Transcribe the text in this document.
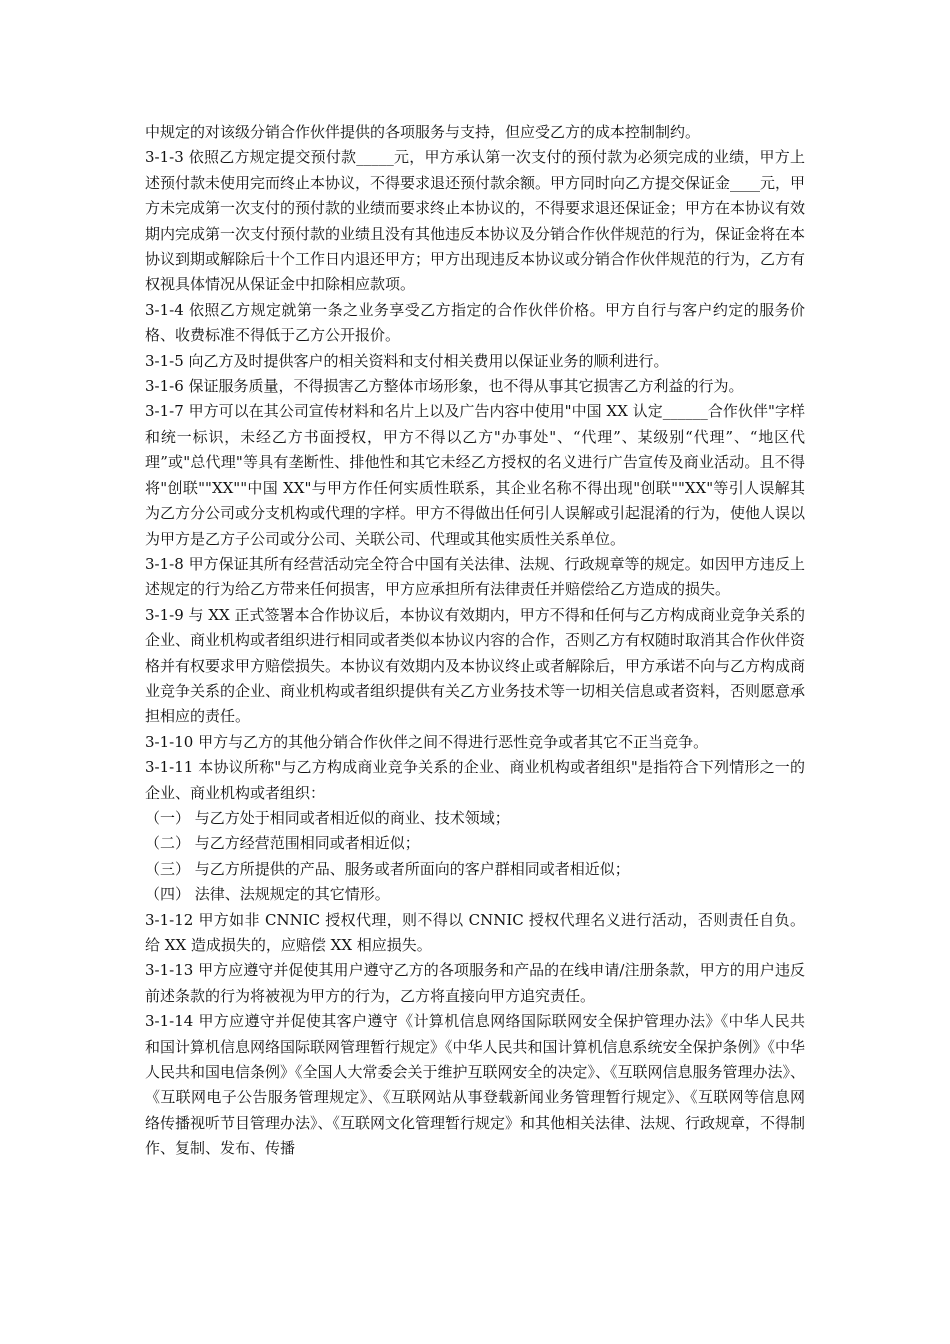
中规定的对该级分销合作伙伴提供的各项服务与支持，但应受乙方的成本控制制约。

3-1-3 依照乙方规定提交预付款_____元，甲方承认第一次支付的预付款为必须完成的业绩，甲方上述预付款未使用完而终止本协议，不得要求退还预付款余额。甲方同时向乙方提交保证金____元，甲方未完成第一次支付的预付款的业绩而要求终止本协议的，不得要求退还保证金；甲方在本协议有效期内完成第一次支付预付款的业绩且没有其他违反本协议及分销合作伙伴规范的行为，保证金将在本协议到期或解除后十个工作日内退还甲方；甲方出现违反本协议或分销合作伙伴规范的行为，乙方有权视具体情况从保证金中扣除相应款项。

3-1-4 依照乙方规定就第一条之业务享受乙方指定的合作伙伴价格。甲方自行与客户约定的服务价格、收费标准不得低于乙方公开报价。

3-1-5 向乙方及时提供客户的相关资料和支付相关费用以保证业务的顺利进行。

3-1-6 保证服务质量，不得损害乙方整体市场形象，也不得从事其它损害乙方利益的行为。

3-1-7 甲方可以在其公司宣传材料和名片上以及广告内容中使用"中国 XX 认定______合作伙伴"字样和统一标识，未经乙方书面授权，甲方不得以乙方"办事处"、“代理”、某级别“代理”、“地区代理”或"总代理"等具有垄断性、排他性和其它未经乙方授权的名义进行广告宣传及商业活动。且不得将"创联""XX""中国 XX"与甲方作任何实质性联系，其企业名称不得出现"创联""XX"等引人误解其为乙方分公司或分支机构或代理的字样。甲方不得做出任何引人误解或引起混淆的行为，使他人误以为甲方是乙方子公司或分公司、关联公司、代理或其他实质性关系单位。

3-1-8 甲方保证其所有经营活动完全符合中国有关法律、法规、行政规章等的规定。如因甲方违反上述规定的行为给乙方带来任何损害，甲方应承担所有法律责任并赔偿给乙方造成的损失。

3-1-9 与 XX 正式签署本合作协议后，本协议有效期内，甲方不得和任何与乙方构成商业竞争关系的企业、商业机构或者组织进行相同或者类似本协议内容的合作，否则乙方有权随时取消其合作伙伴资格并有权要求甲方赔偿损失。本协议有效期内及本协议终止或者解除后，甲方承诺不向与乙方构成商业竞争关系的企业、商业机构或者组织提供有关乙方业务技术等一切相关信息或者资料，否则愿意承担相应的责任。

3-1-10 甲方与乙方的其他分销合作伙伴之间不得进行恶性竞争或者其它不正当竞争。

3-1-11 本协议所称"与乙方构成商业竞争关系的企业、商业机构或者组织"是指符合下列情形之一的企业、商业机构或者组织：

（一） 与乙方处于相同或者相近似的商业、技术领域；

（二） 与乙方经营范围相同或者相近似；

（三） 与乙方所提供的产品、服务或者所面向的客户群相同或者相近似；

（四） 法律、法规规定的其它情形。

3-1-12 甲方如非 CNNIC 授权代理，则不得以 CNNIC 授权代理名义进行活动，否则责任自负。给 XX 造成损失的，应赔偿 XX 相应损失。

3-1-13 甲方应遵守并促使其用户遵守乙方的各项服务和产品的在线申请/注册条款，甲方的用户违反前述条款的行为将被视为甲方的行为，乙方将直接向甲方追究责任。

3-1-14 甲方应遵守并促使其客户遵守《计算机信息网络国际联网安全保护管理办法》《中华人民共和国计算机信息网络国际联网管理暂行规定》《中华人民共和国计算机信息系统安全保护条例》《中华人民共和国电信条例》《全国人大常委会关于维护互联网安全的决定》、《互联网信息服务管理办法》、《互联网电子公告服务管理规定》、《互联网站从事登载新闻业务管理暂行规定》、《互联网等信息网络传播视听节目管理办法》、《互联网文化管理暂行规定》和其他相关法律、法规、行政规章，不得制作、复制、发布、传播
